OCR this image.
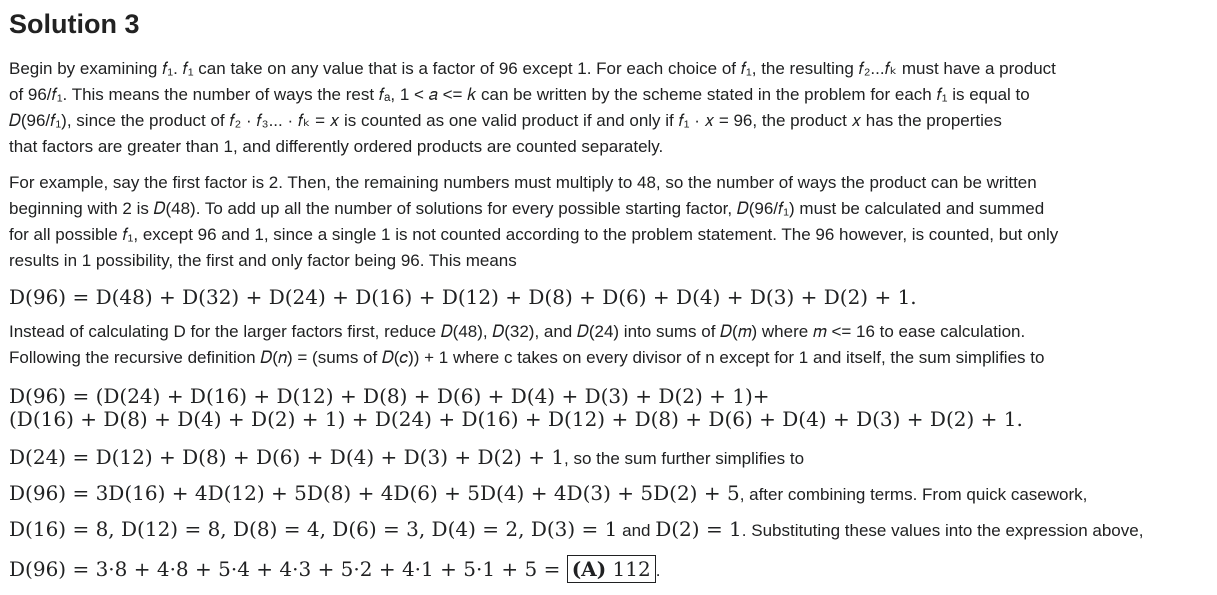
Solution 3
Begin by examining 𝑓₁. 𝑓₁ can take on any value that is a factor of 96 except 1. For each choice of 𝑓₁, the resulting 𝑓₂...𝑓ₖ must have a product
of 96/𝑓₁. This means the number of ways the rest 𝑓ₐ, 1 < 𝑎 <= 𝑘 can be written by the scheme stated in the problem for each 𝑓₁ is equal to
𝐷(96/𝑓₁), since the product of 𝑓₂ · 𝑓₃... · 𝑓ₖ = 𝑥 is counted as one valid product if and only if 𝑓₁ · 𝑥 = 96, the product 𝑥 has the properties
that factors are greater than 1, and differently ordered products are counted separately.
For example, say the first factor is 2. Then, the remaining numbers must multiply to 48, so the number of ways the product can be written
beginning with 2 is 𝐷(48). To add up all the number of solutions for every possible starting factor, 𝐷(96/𝑓₁) must be calculated and summed
for all possible 𝑓₁, except 96 and 1, since a single 1 is not counted according to the problem statement. The 96 however, is counted, but only
results in 1 possibility, the first and only factor being 96. This means
D(96) = D(48) + D(32) + D(24) + D(16) + D(12) + D(8) + D(6) + D(4) + D(3) + D(2) + 1.
Instead of calculating D for the larger factors first, reduce 𝐷(48), 𝐷(32), and 𝐷(24) into sums of 𝐷(𝑚) where 𝑚 <= 16 to ease calculation.
Following the recursive definition 𝐷(𝑛) = (sums of 𝐷(𝑐)) + 1 where c takes on every divisor of n except for 1 and itself, the sum simplifies to
D(96) = (D(24) + D(16) + D(12) + D(8) + D(6) + D(4) + D(3) + D(2) + 1)+
(D(16) + D(8) + D(4) + D(2) + 1) + D(24) + D(16) + D(12) + D(8) + D(6) + D(4) + D(3) + D(2) + 1.
D(24) = D(12) + D(8) + D(6) + D(4) + D(3) + D(2) + 1, so the sum further simplifies to
D(96) = 3D(16) + 4D(12) + 5D(8) + 4D(6) + 5D(4) + 4D(3) + 5D(2) + 5, after combining terms. From quick casework,
D(16) = 8, D(12) = 8, D(8) = 4, D(6) = 3, D(4) = 2, D(3) = 1 and D(2) = 1. Substituting these values into the expression above,
D(96) = 3·8 + 4·8 + 5·4 + 4·3 + 5·2 + 4·1 + 5·1 + 5 = (A) 112 .
